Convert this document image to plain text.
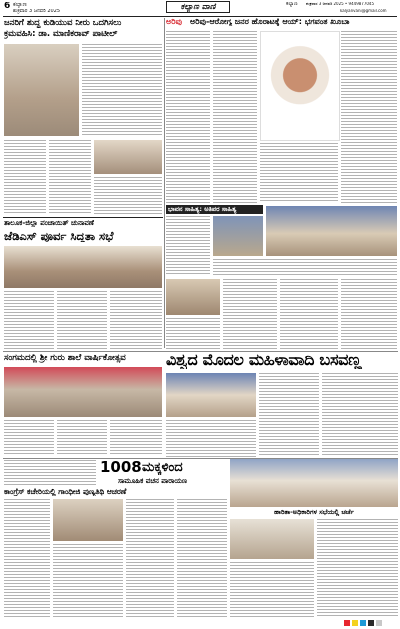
6 ಕಲ್ಯಾಣ
ಶುಕ್ರವಾರ 3 ಜನವರಿ 2025	ಕಲ್ಯಾಣ ವಾಣಿ	ಕಲ್ಯಾಣ ಶುಕ್ರವಾರ 3 ಜನವರಿ 2025 • 9449877045
kalyanvani@gmail.com
ಜನರಿಗೆ ಶುದ್ಧ ಕುಡಿಯುವ ನೀರು ಒದಗಿಸಲು
ಕ್ರಮವಹಿಸಿ: ಡಾ. ಮಾಣಿಕರಾವ್ ಪಾಟೀಲ್
ಅರಿವು ಅರಿವು-ಆರೋಗ್ಯ ಜನರ ಹೊರಾಟಕ್ಕೆ ಆಯ್: ಭಗವಂತ ಖೂಬಾ
ಭಾವನ ಸಾಹಿತ್ಯ: ಅತಿಪರ ಸಾಹಿತ್ಯ
ತಾಲೂಕ-ಜಿಲ್ಲಾ ಪಂಚಾಯಿತ್ ಚುನಾವಣೆ
ಜೆಡಿಎಸ್ ಪೂರ್ವ ಸಿದ್ಧತಾ ಸಭೆ
ವಿಶ್ವದ ಮೊದಲ ಮಹಿಳಾವಾದಿ ಬಸವಣ್ಣ
ಸಂಗಮದಲ್ಲಿ ಶ್ರೀ ಗುರು ಶಾಲೆ ವಾರ್ಷಿಕೋತ್ಸವ
1008 ಮಕ್ಕಳಿಂದ
ಸಾಮೂಹಿಕ ವಚನ ಪಾರಾಯಣ
ಕಾಂಗ್ರೆಸ್ ಕಚೇರಿಯಲ್ಲಿ ಗಾಂಧೀಜಿ ಪುಣ್ಯತಿಥಿ ಆಚರಣೆ
ಹಾರಿತಾ-ಅಧಿಕಾರಿಗಳ ಸಭೆಯಲ್ಲಿ ಚರ್ಚೆ
